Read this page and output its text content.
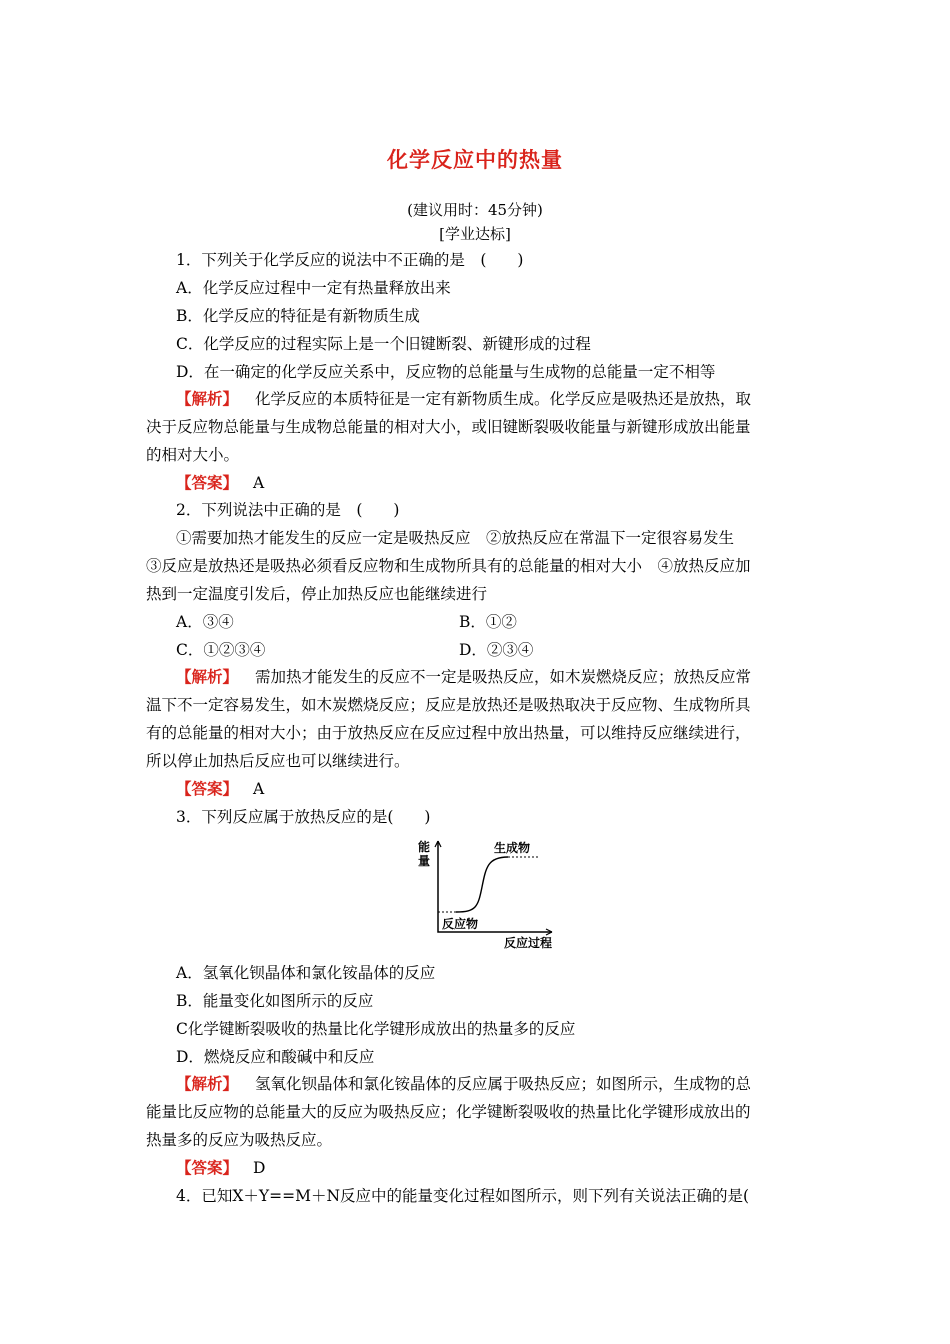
化学反应中的热量
(建议用时：45分钟)
[学业达标]
1．下列关于化学反应的说法中不正确的是　(　　)
A．化学反应过程中一定有热量释放出来
B．化学反应的特征是有新物质生成
C．化学反应的过程实际上是一个旧键断裂、新键形成的过程
D．在一确定的化学反应关系中，反应物的总能量与生成物的总能量一定不相等
【解析】 化学反应的本质特征是一定有新物质生成。化学反应是吸热还是放热，取
决于反应物总能量与生成物总能量的相对大小，或旧键断裂吸收能量与新键形成放出能量
的相对大小。
【答案】 A
2．下列说法中正确的是　(　　)
①需要加热才能发生的反应一定是吸热反应　②放热反应在常温下一定很容易发生
③反应是放热还是吸热必须看反应物和生成物所具有的总能量的相对大小　④放热反应加
热到一定温度引发后，停止加热反应也能继续进行
A．③④	B．①②
C．①②③④	D．②③④
【解析】 需加热才能发生的反应不一定是吸热反应，如木炭燃烧反应；放热反应常
温下不一定容易发生，如木炭燃烧反应；反应是放热还是吸热取决于反应物、生成物所具
有的总能量的相对大小；由于放热反应在反应过程中放出热量，可以维持反应继续进行，
所以停止加热后反应也可以继续进行。
【答案】 A
3．下列反应属于放热反应的是(　　)
能
量
生成物
反应物
反应过程
A．氢氧化钡晶体和氯化铵晶体的反应
B．能量变化如图所示的反应
C化学键断裂吸收的热量比化学键形成放出的热量多的反应
D．燃烧反应和酸碱中和反应
【解析】 氢氧化钡晶体和氯化铵晶体的反应属于吸热反应；如图所示，生成物的总
能量比反应物的总能量大的反应为吸热反应；化学键断裂吸收的热量比化学键形成放出的
热量多的反应为吸热反应。
【答案】 D
4．已知X＋Y==M＋N反应中的能量变化过程如图所示，则下列有关说法正确的是(
